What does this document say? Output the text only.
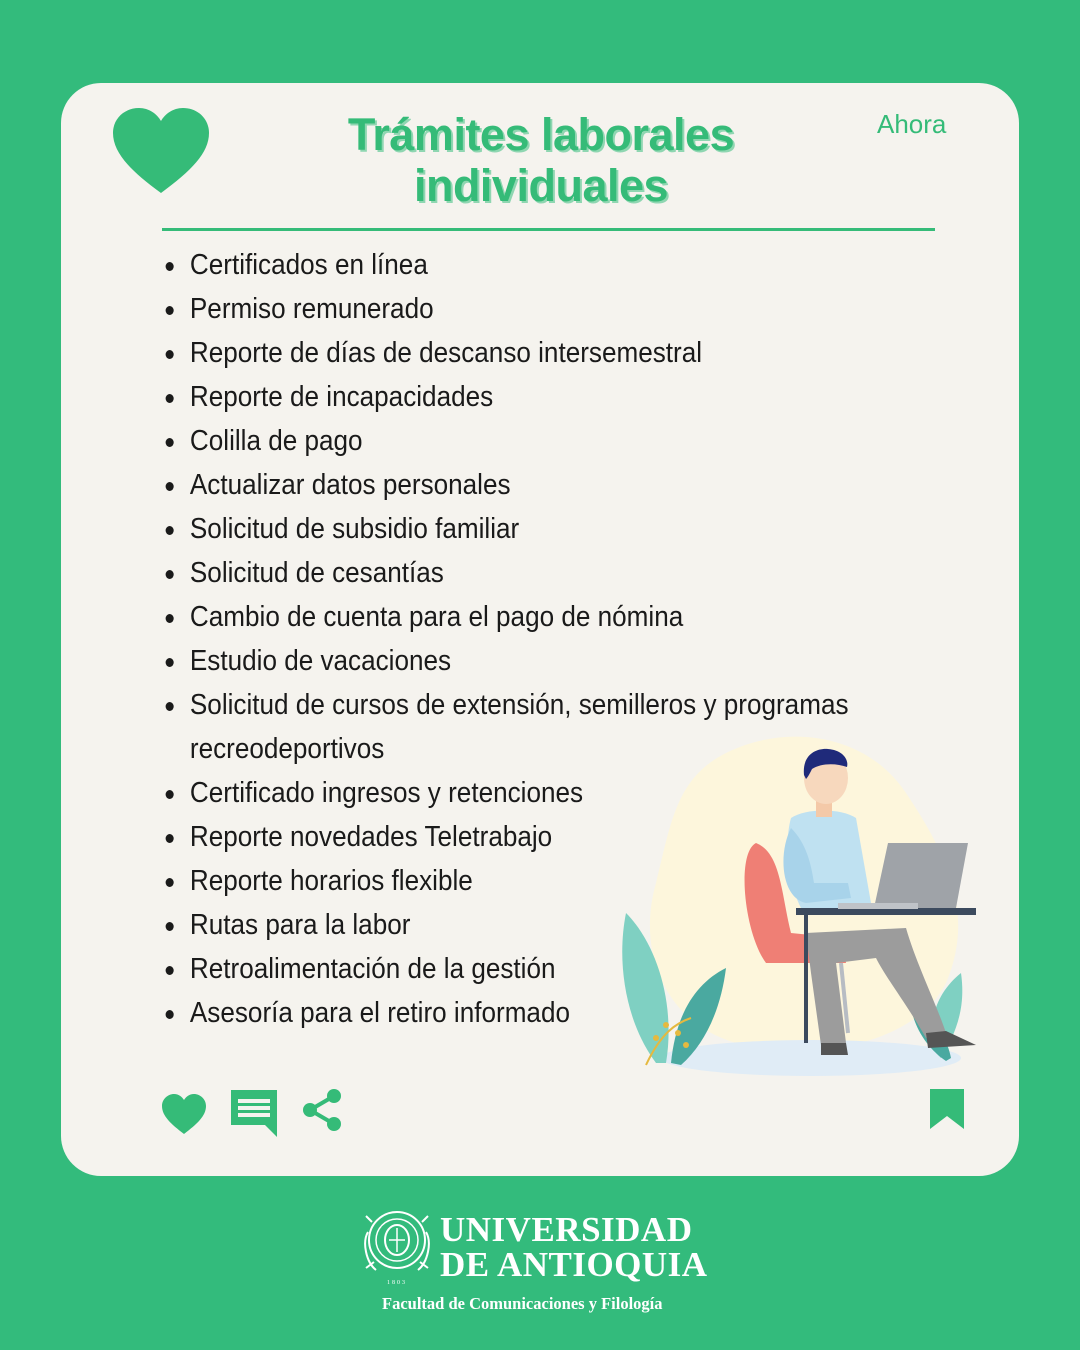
Trámites laborales
individuales
Ahora
Certificados en línea
Permiso remunerado
Reporte de días de descanso intersemestral
Reporte de incapacidades
Colilla de pago
Actualizar datos personales
Solicitud de subsidio familiar
Solicitud de cesantías
Cambio de cuenta para el pago de nómina
Estudio de vacaciones
Solicitud de cursos de extensión, semilleros y programas recreodeportivos
Certificado ingresos y retenciones
Reporte novedades Teletrabajo
Reporte horarios flexible
Rutas para la labor
Retroalimentación de la gestión
Asesoría para el retiro informado
1803
UNIVERSIDAD
DE ANTIOQUIA
Facultad de Comunicaciones y Filología
